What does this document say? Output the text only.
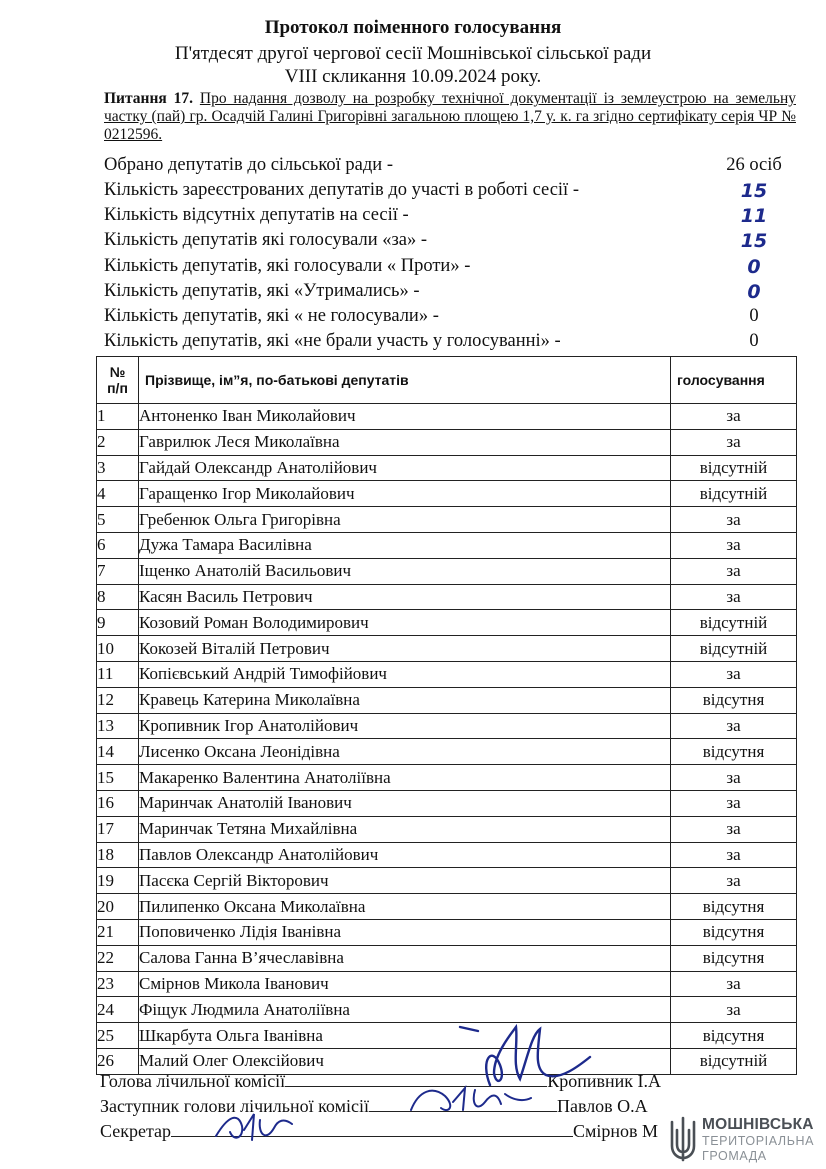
Протокол поіменного голосування
П'ятдесят другої чергової сесії Мошнівської сільської ради
VIII скликання 10.09.2024 року.
Питання 17. Про надання дозволу на розробку технічної документації із землеустрою на земельну частку (пай) гр. Осадчій Галині Григорівні загальною площею 1,7 у. к. га згідно сертифікату серія ЧР № 0212596.
Обрано депутатів до сільської ради -	26 осіб
Кількість зареєстрованих депутатів до участі в роботі сесії -	15
Кількість відсутніх депутатів на сесії -	11
Кількість депутатів які голосували «за» -	15
Кількість депутатів, які голосували « Проти» -	0
Кількість депутатів, які «Утримались» -	0
Кількість депутатів, які « не голосували» -	0
Кількість депутатів, які «не брали участь у голосуванні» -	0
№
п/п	Прізвище, ім”я, по-батькові депутатів	голосування
1	Антоненко Іван Миколайович	за
2	Гаврилюк Леся Миколаївна	за
3	Гайдай Олександр Анатолійович	відсутній
4	Гаращенко Ігор Миколайович	відсутній
5	Гребенюк Ольга Григорівна	за
6	Дужа Тамара Василівна	за
7	Іщенко Анатолій Васильович	за
8	Касян Василь Петрович	за
9	Козовий Роман Володимирович	відсутній
10	Кокозей Віталій Петрович	відсутній
11	Копієвський Андрій Тимофійович	за
12	Кравець Катерина Миколаївна	відсутня
13	Кропивник Ігор Анатолійович	за
14	Лисенко Оксана Леонідівна	відсутня
15	Макаренко Валентина Анатоліївна	за
16	Маринчак Анатолій Іванович	за
17	Маринчак Тетяна Михайлівна	за
18	Павлов Олександр Анатолійович	за
19	Пасєка Сергій Вікторович	за
20	Пилипенко Оксана Миколаївна	відсутня
21	Поповиченко Лідія Іванівна	відсутня
22	Салова Ганна В’ячеславівна	відсутня
23	Смірнов Микола Іванович	за
24	Фіщук Людмила Анатоліївна	за
25	Шкарбута Ольга Іванівна	відсутня
26	Малий Олег Олексійович	відсутній
Голова лічильної комісії	Кропивник І.А
Заступник голови лічильної комісії	Павлов О.А
Секретар	Смірнов М	МОШНІВСЬКА
ТЕРИТОРІАЛЬНА
ГРОМАДА
